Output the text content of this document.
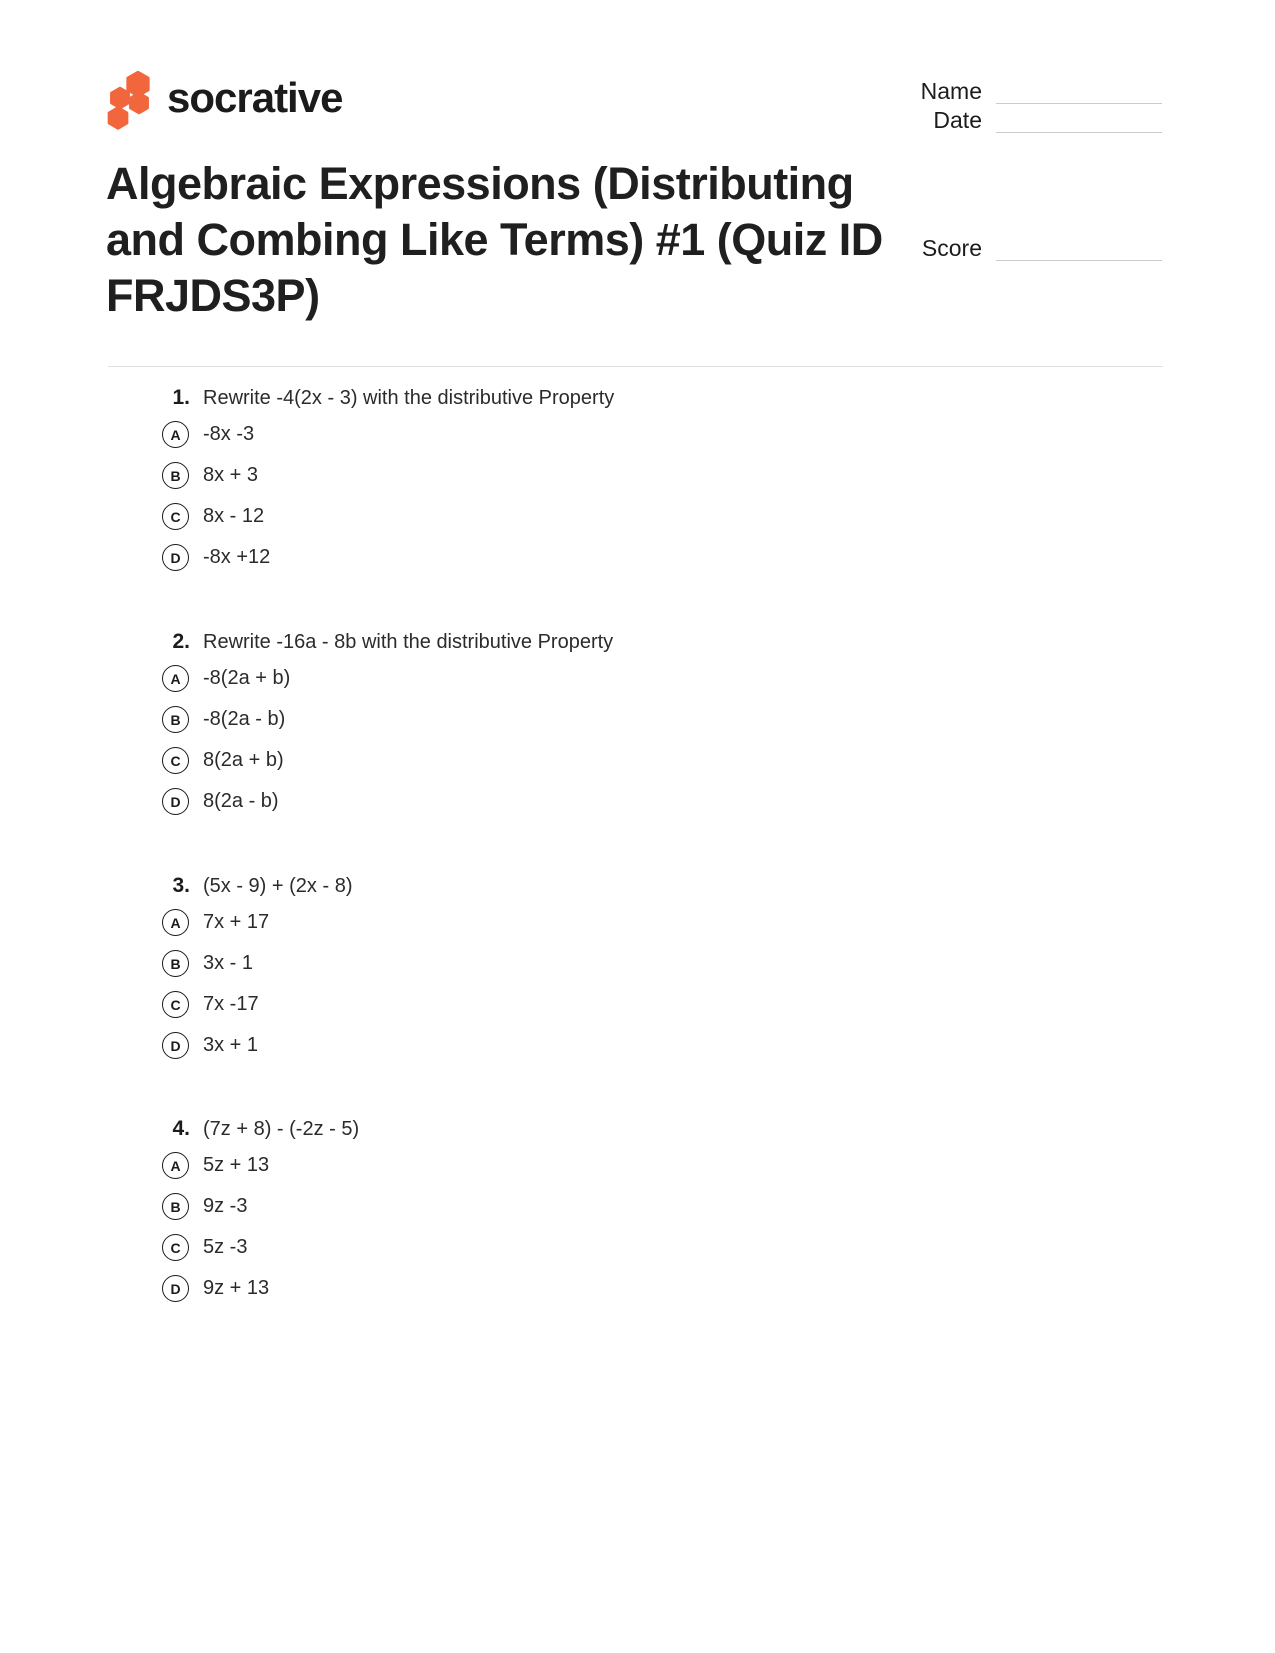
socrative	Name
Date
Score
Algebraic Expressions (Distributing and Combing Like Terms) #1 (Quiz ID FRJDS3P)
1. Rewrite -4(2x - 3) with the distributive Property
A	-8x -3
B	8x + 3
C	8x - 12
D	-8x +12
2. Rewrite -16a - 8b with the distributive Property
A	-8(2a + b)
B	-8(2a - b)
C	8(2a + b)
D	8(2a - b)
3. (5x - 9) + (2x - 8)
A	7x + 17
B	3x - 1
C	7x -17
D	3x + 1
4. (7z + 8) - (-2z - 5)
A	5z + 13
B	9z -3
C	5z -3
D	9z + 13
